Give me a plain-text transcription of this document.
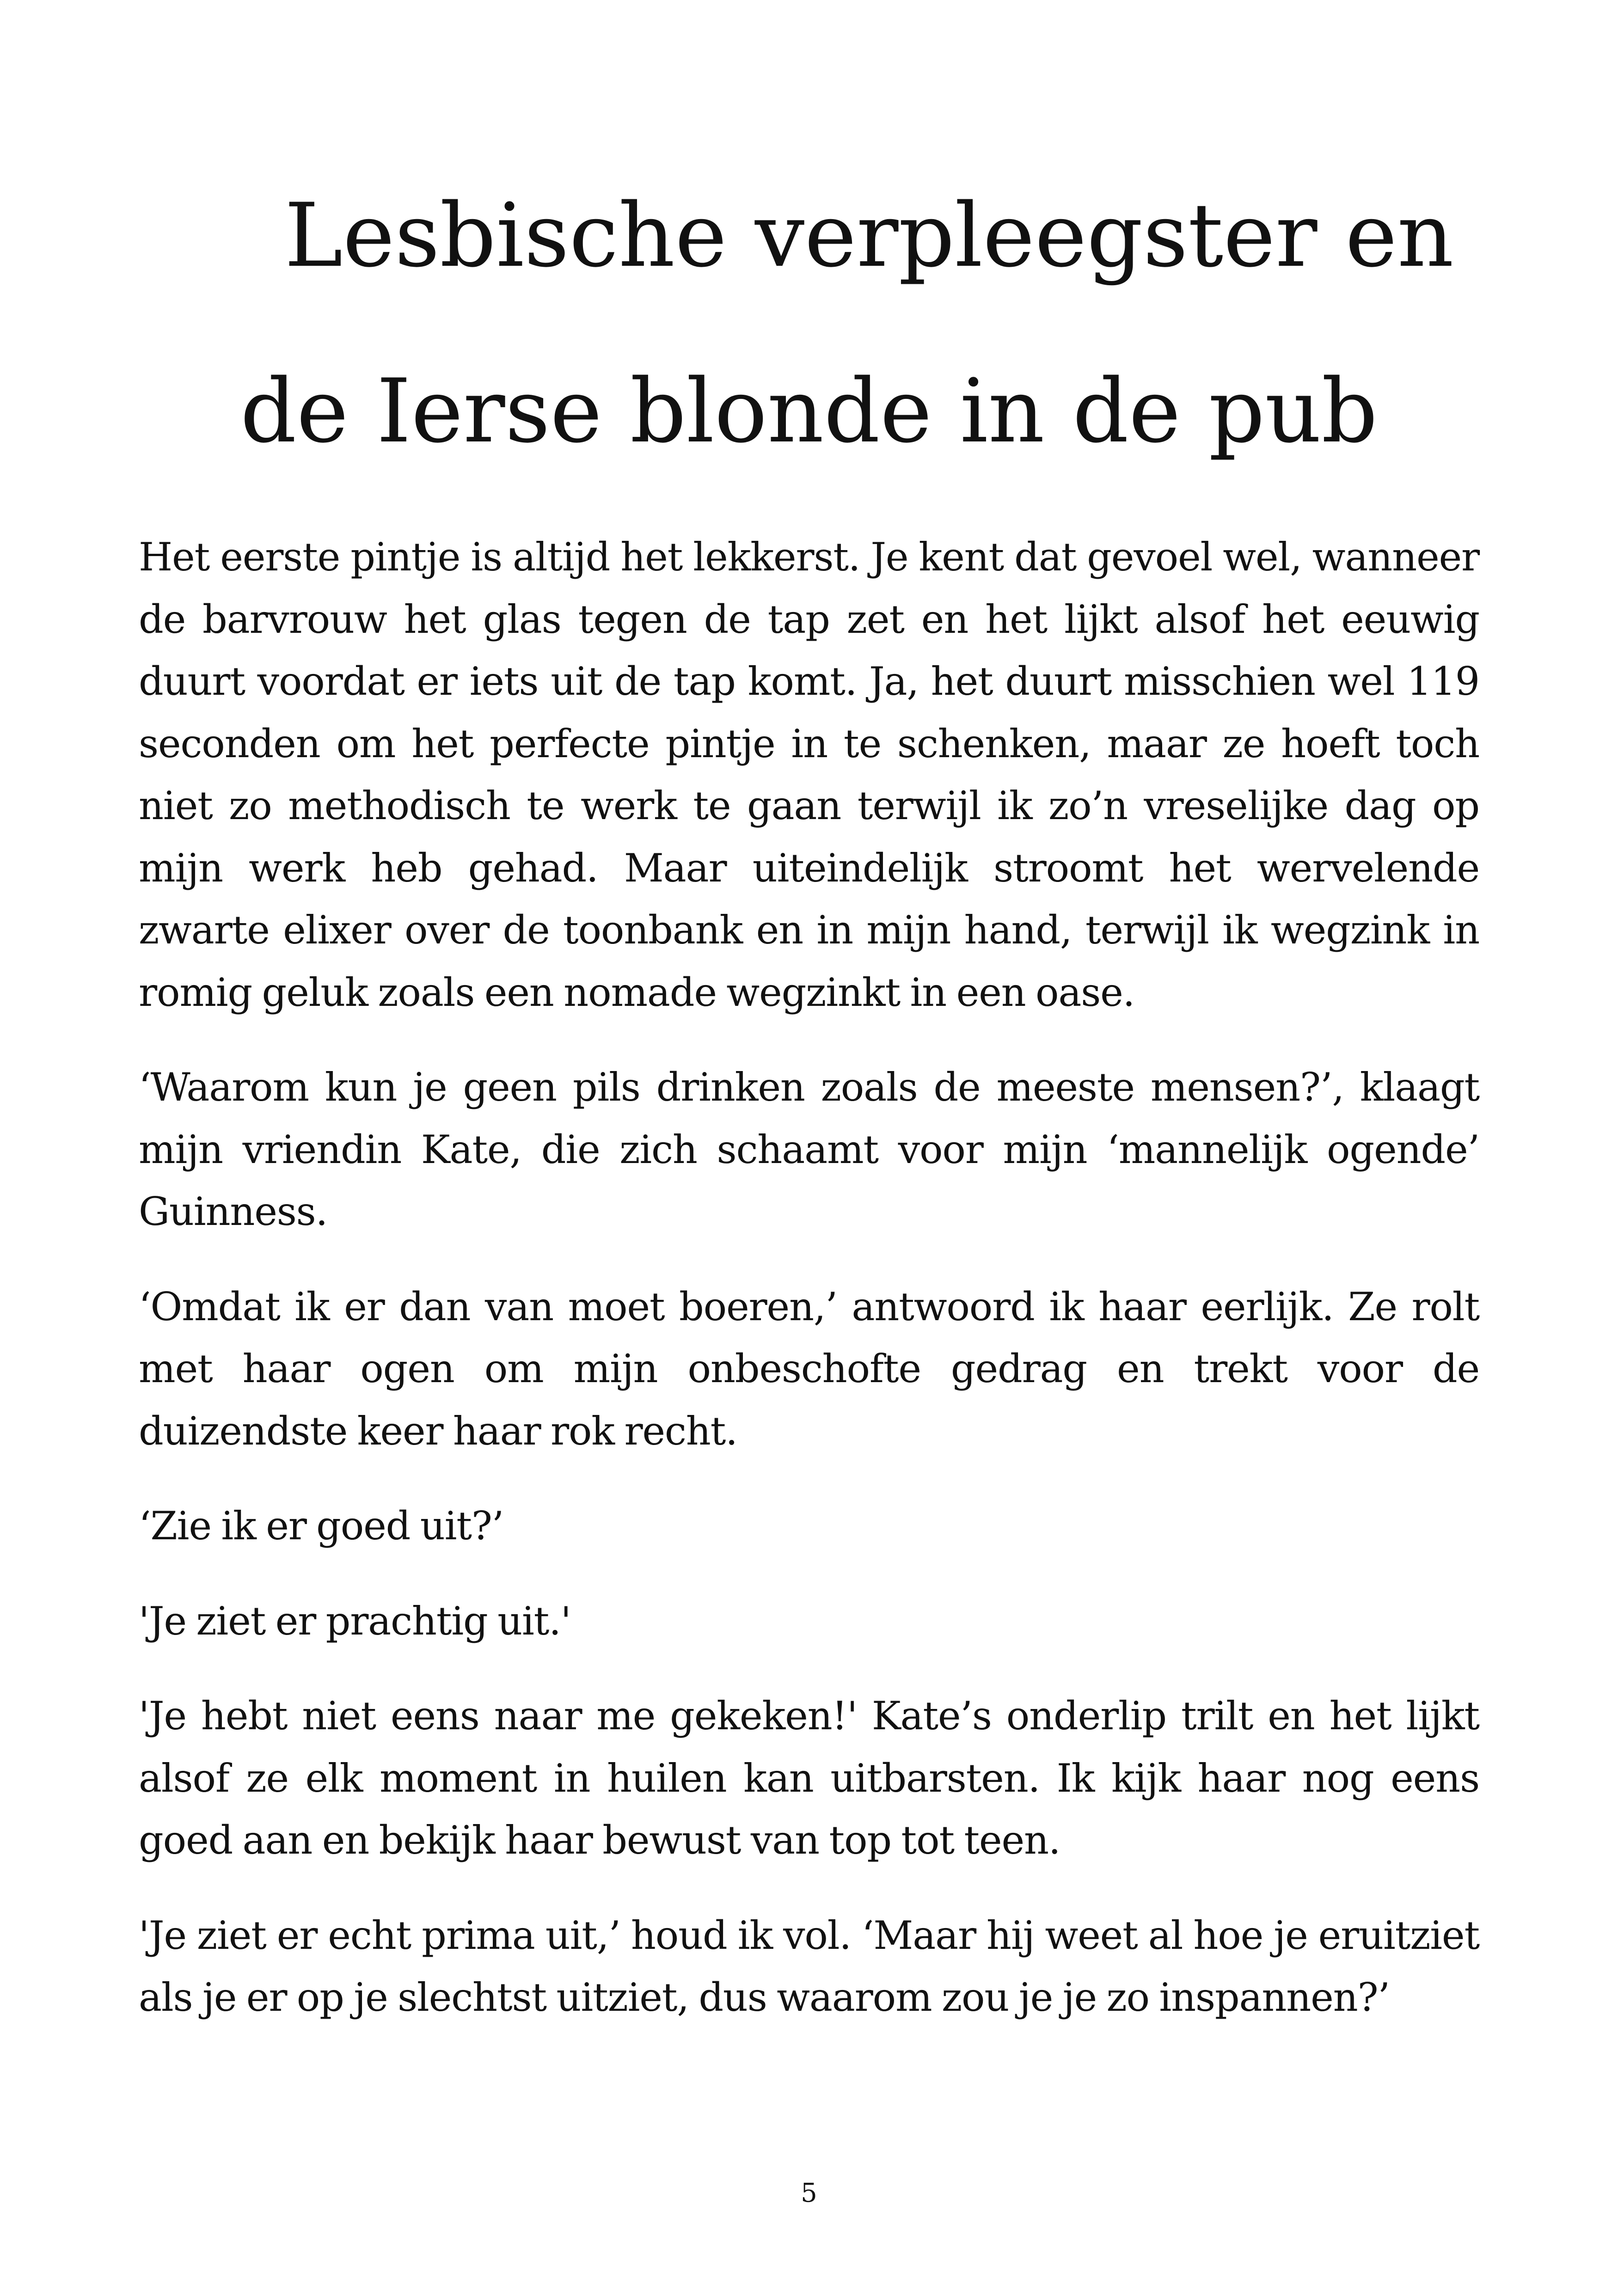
Lesbische verpleegster en
de Ierse blonde in de pub

Het eerste pintje is altijd het lekkerst. Je kent dat gevoel wel, wanneer de barvrouw het glas tegen de tap zet en het lijkt alsof het eeuwig duurt voordat er iets uit de tap komt. Ja, het duurt misschien wel 119 seconden om het perfecte pintje in te schenken, maar ze hoeft toch niet zo methodisch te werk te gaan terwijl ik zo’n vreselijke dag op mijn werk heb gehad. Maar uiteindelijk stroomt het wervelende zwarte elixer over de toonbank en in mijn hand, terwijl ik wegzink in romig geluk zoals een nomade wegzinkt in een oase.

‘Waarom kun je geen pils drinken zoals de meeste mensen?’, klaagt mijn vriendin Kate, die zich schaamt voor mijn ‘mannelijk ogende’ Guinness.

‘Omdat ik er dan van moet boeren,’ antwoord ik haar eerlijk. Ze rolt met haar ogen om mijn onbeschofte gedrag en trekt voor de duizendste keer haar rok recht.

‘Zie ik er goed uit?’

'Je ziet er prachtig uit.'

'Je hebt niet eens naar me gekeken!' Kate’s onderlip trilt en het lijkt alsof ze elk moment in huilen kan uitbarsten. Ik kijk haar nog eens goed aan en bekijk haar bewust van top tot teen.

'Je ziet er echt prima uit,’ houd ik vol. ‘Maar hij weet al hoe je eruitziet als je er op je slechtst uitziet, dus waarom zou je je zo inspannen?’

5
